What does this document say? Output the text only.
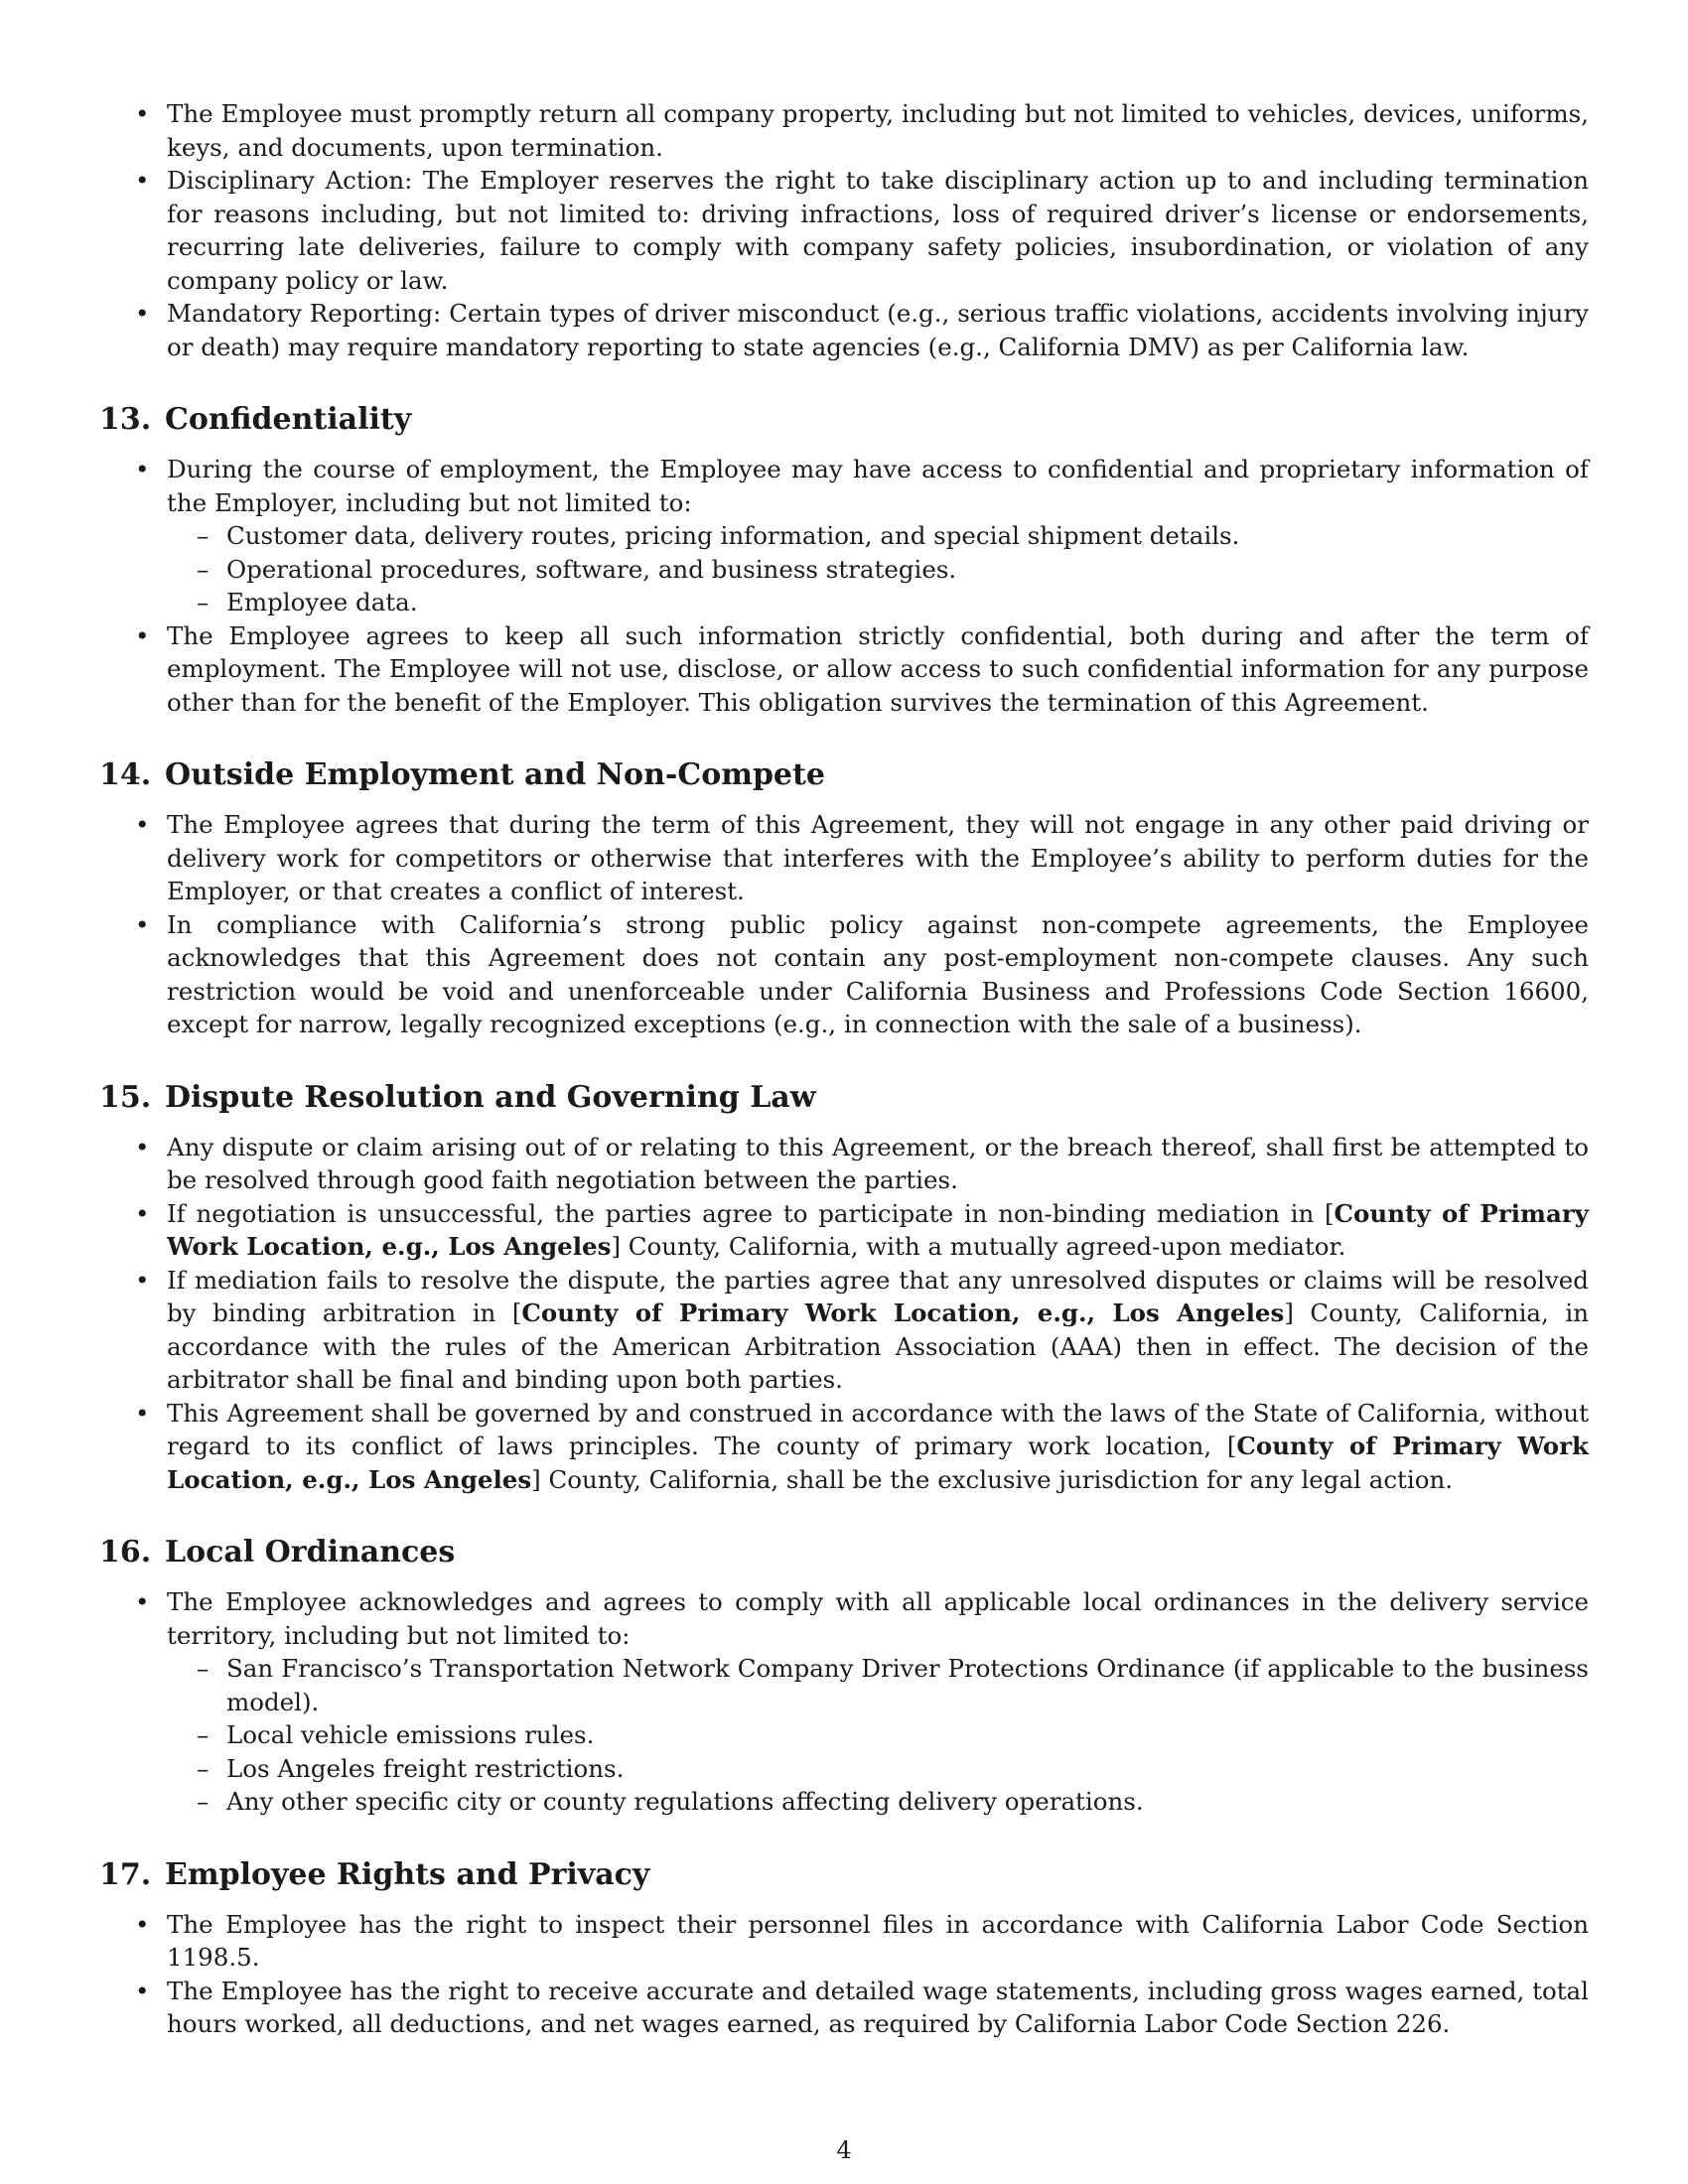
• The Employee must promptly return all company property, including but not limited to vehicles, devices, uniforms, keys, and documents, upon termination.
• Disciplinary Action: The Employer reserves the right to take disciplinary action up to and including termination for reasons including, but not limited to: driving infractions, loss of required driver’s license or endorsements, recurring late deliveries, failure to comply with company safety policies, insubordination, or violation of any company policy or law.
• Mandatory Reporting: Certain types of driver misconduct (e.g., serious traffic violations, accidents involving injury or death) may require mandatory reporting to state agencies (e.g., California DMV) as per California law.
13. Confidentiality
• During the course of employment, the Employee may have access to confidential and proprietary information of the Employer, including but not limited to:
– Customer data, delivery routes, pricing information, and special shipment details.
– Operational procedures, software, and business strategies.
– Employee data.
• The Employee agrees to keep all such information strictly confidential, both during and after the term of employment. The Employee will not use, disclose, or allow access to such confidential information for any purpose other than for the benefit of the Employer. This obligation survives the termination of this Agreement.
14. Outside Employment and Non-Compete
• The Employee agrees that during the term of this Agreement, they will not engage in any other paid driving or delivery work for competitors or otherwise that interferes with the Employee’s ability to perform duties for the Employer, or that creates a conflict of interest.
• In compliance with California’s strong public policy against non-compete agreements, the Employee acknowledges that this Agreement does not contain any post-employment non-compete clauses. Any such restriction would be void and unenforceable under California Business and Professions Code Section 16600, except for narrow, legally recognized exceptions (e.g., in connection with the sale of a business).
15. Dispute Resolution and Governing Law
• Any dispute or claim arising out of or relating to this Agreement, or the breach thereof, shall first be attempted to be resolved through good faith negotiation between the parties.
• If negotiation is unsuccessful, the parties agree to participate in non-binding mediation in [County of Primary Work Location, e.g., Los Angeles] County, California, with a mutually agreed-upon mediator.
• If mediation fails to resolve the dispute, the parties agree that any unresolved disputes or claims will be resolved by binding arbitration in [County of Primary Work Location, e.g., Los Angeles] County, California, in accordance with the rules of the American Arbitration Association (AAA) then in effect. The decision of the arbitrator shall be final and binding upon both parties.
• This Agreement shall be governed by and construed in accordance with the laws of the State of California, without regard to its conflict of laws principles. The county of primary work location, [County of Primary Work Location, e.g., Los Angeles] County, California, shall be the exclusive jurisdiction for any legal action.
16. Local Ordinances
• The Employee acknowledges and agrees to comply with all applicable local ordinances in the delivery service territory, including but not limited to:
– San Francisco’s Transportation Network Company Driver Protections Ordinance (if applicable to the business model).
– Local vehicle emissions rules.
– Los Angeles freight restrictions.
– Any other specific city or county regulations affecting delivery operations.
17. Employee Rights and Privacy
• The Employee has the right to inspect their personnel files in accordance with California Labor Code Section 1198.5.
• The Employee has the right to receive accurate and detailed wage statements, including gross wages earned, total hours worked, all deductions, and net wages earned, as required by California Labor Code Section 226.
4
